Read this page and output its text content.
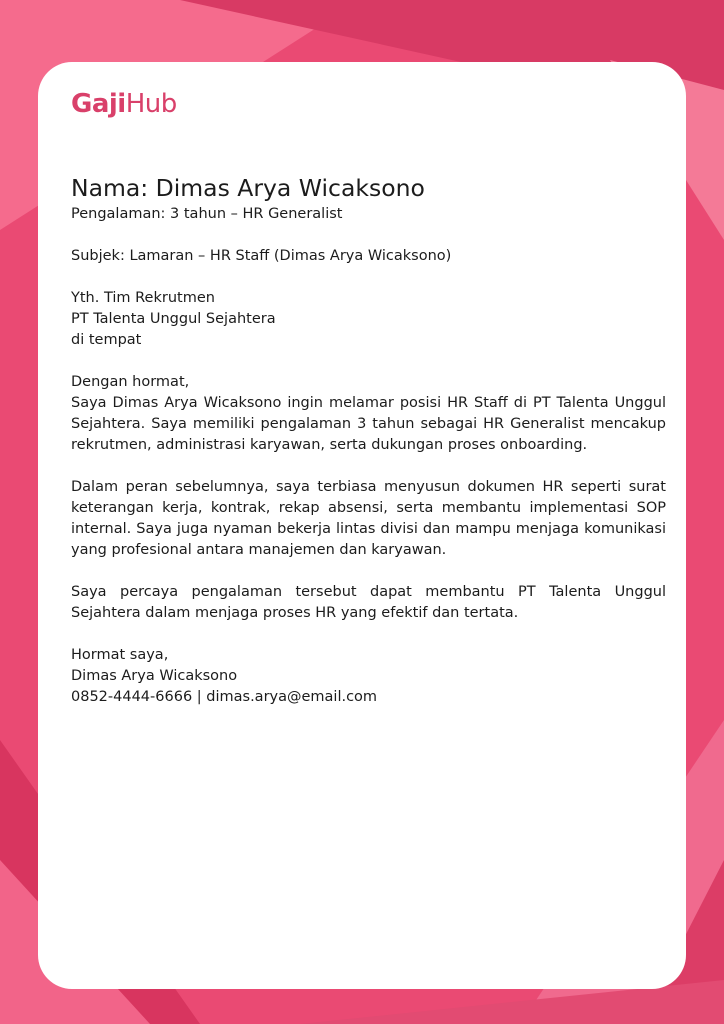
GajiHub
Nama: Dimas Arya Wicaksono
Pengalaman: 3 tahun – HR Generalist
Subjek: Lamaran – HR Staff (Dimas Arya Wicaksono)
Yth. Tim Rekrutmen
PT Talenta Unggul Sejahtera
di tempat
Dengan hormat,
Saya Dimas Arya Wicaksono ingin melamar posisi HR Staff di PT Talenta Unggul Sejahtera. Saya memiliki pengalaman 3 tahun sebagai HR Generalist mencakup rekrutmen, administrasi karyawan, serta dukungan proses onboarding.
Dalam peran sebelumnya, saya terbiasa menyusun dokumen HR seperti surat keterangan kerja, kontrak, rekap absensi, serta membantu implementasi SOP internal. Saya juga nyaman bekerja lintas divisi dan mampu menjaga komunikasi yang profesional antara manajemen dan karyawan.
Saya percaya pengalaman tersebut dapat membantu PT Talenta Unggul Sejahtera dalam menjaga proses HR yang efektif dan tertata.
Hormat saya,
Dimas Arya Wicaksono
0852-4444-6666 | dimas.arya@email.com
